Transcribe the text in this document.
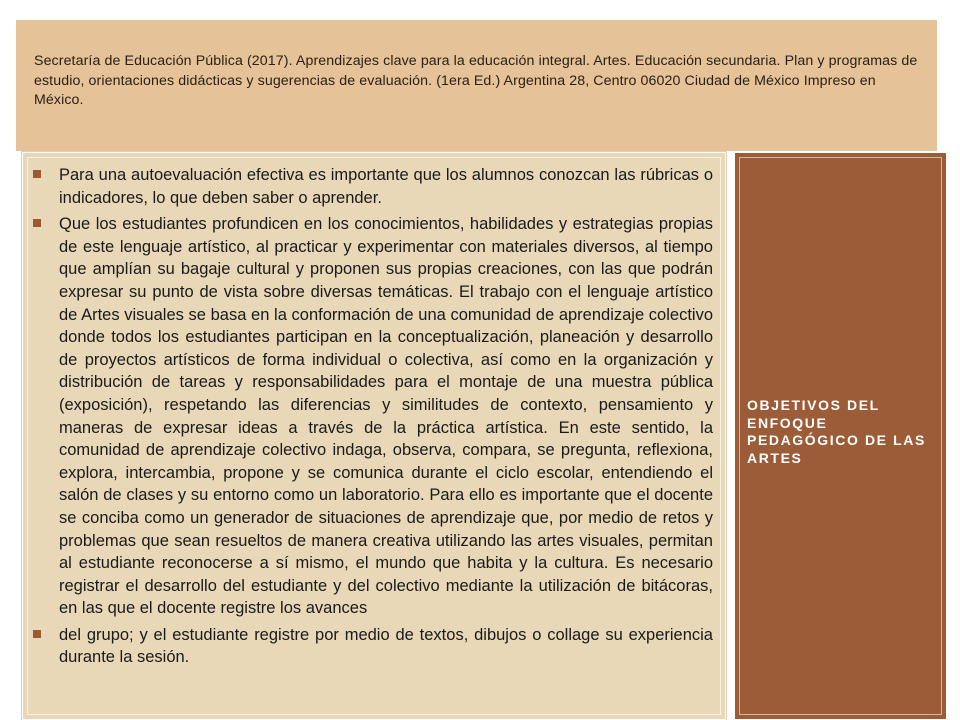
Secretaría de Educación Pública (2017). Aprendizajes clave para la educación integral. Artes. Educación secundaria. Plan y programas de estudio, orientaciones didácticas y sugerencias de evaluación. (1era Ed.) Argentina 28, Centro 06020 Ciudad de México Impreso en México.

Para una autoevaluación efectiva es importante que los alumnos conozcan las rúbricas o indicadores, lo que deben saber o aprender.
Que los estudiantes profundicen en los conocimientos, habilidades y estrategias propias de este lenguaje artístico, al practicar y experimentar con materiales diversos, al tiempo que amplían su bagaje cultural y proponen sus propias creaciones, con las que podrán expresar su punto de vista sobre diversas temáticas. El trabajo con el lenguaje artístico de Artes visuales se basa en la conformación de una comunidad de aprendizaje colectivo donde todos los estudiantes participan en la conceptualización, planeación y desarrollo de proyectos artísticos de forma individual o colectiva, así como en la organización y distribución de tareas y responsabilidades para el montaje de una muestra pública (exposición), respetando las diferencias y similitudes de contexto, pensamiento y maneras de expresar ideas a través de la práctica artística. En este sentido, la comunidad de aprendizaje colectivo indaga, observa, compara, se pregunta, reflexiona, explora, intercambia, propone y se comunica durante el ciclo escolar, entendiendo el salón de clases y su entorno como un laboratorio. Para ello es importante que el docente se conciba como un generador de situaciones de aprendizaje que, por medio de retos y problemas que sean resueltos de manera creativa utilizando las artes visuales, permitan al estudiante reconocerse a sí mismo, el mundo que habita y la cultura. Es necesario registrar el desarrollo del estudiante y del colectivo mediante la utilización de bitácoras, en las que el docente registre los avances
del grupo; y el estudiante registre por medio de textos, dibujos o collage su experiencia durante la sesión.
OBJETIVOS DEL ENFOQUE PEDAGÓGICO DE LAS ARTES
